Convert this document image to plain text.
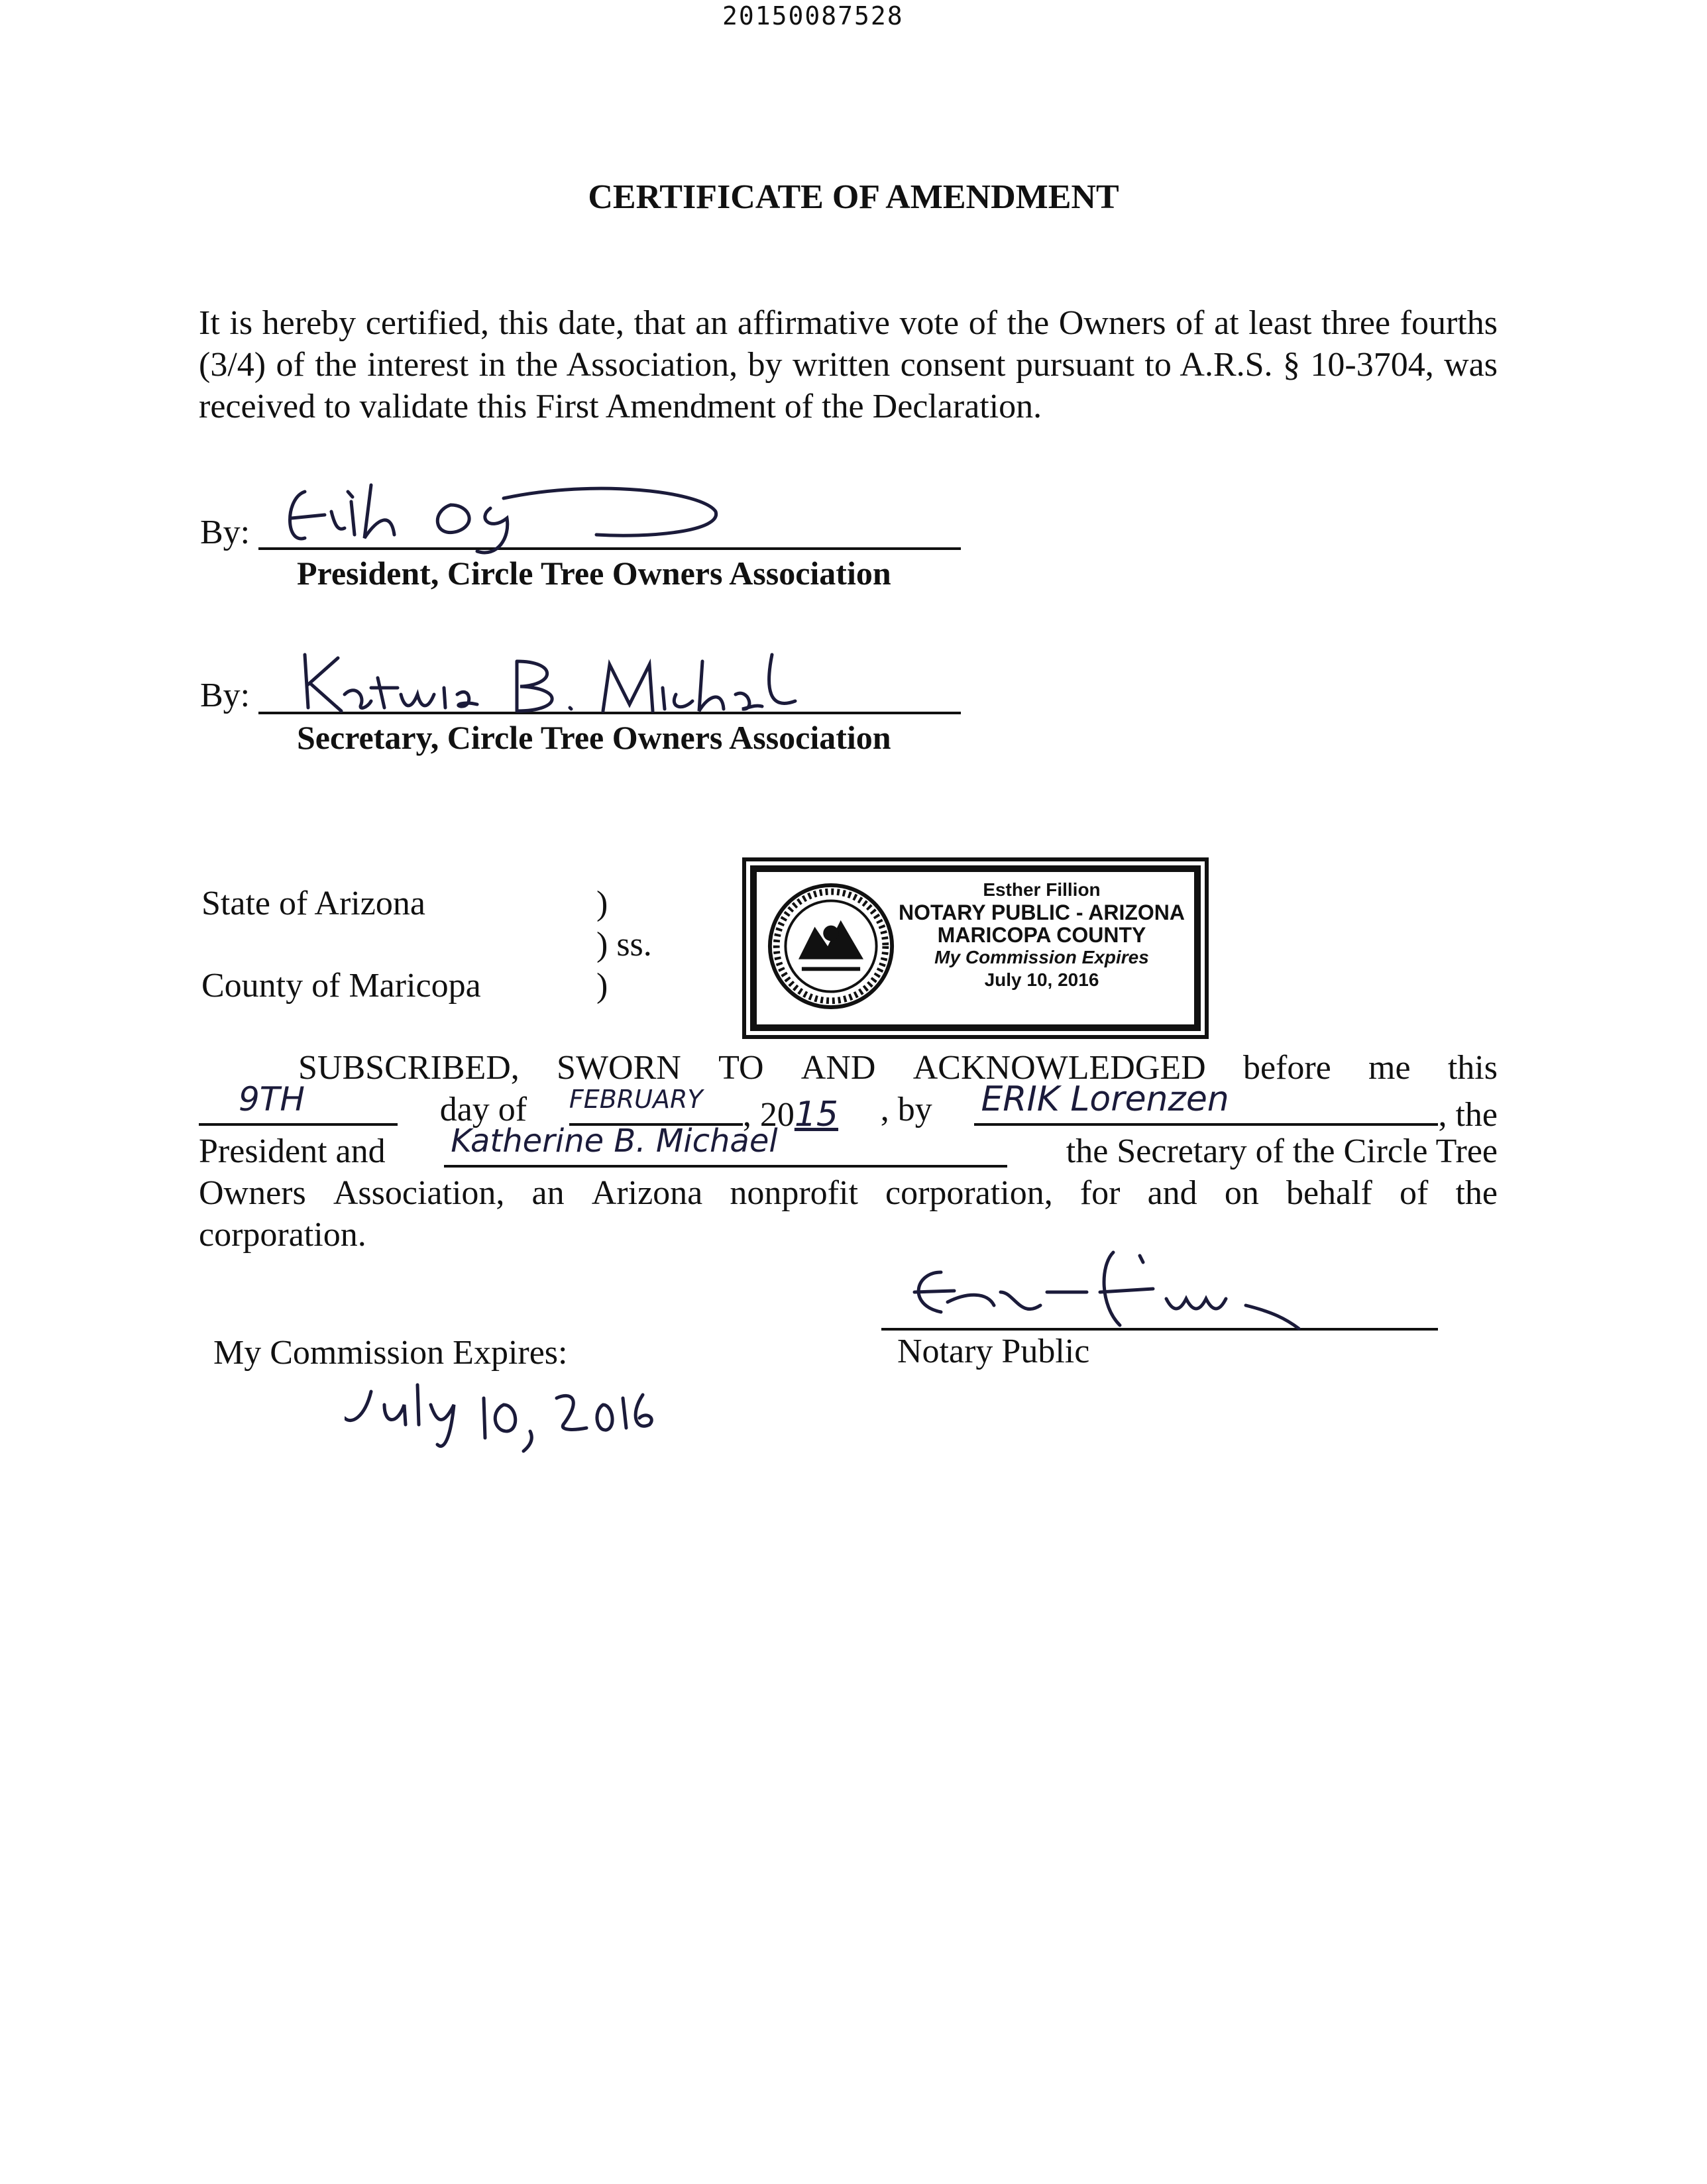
20150087528
CERTIFICATE OF AMENDMENT
It is hereby certified, this date, that an affirmative vote of the Owners of at least three fourths (3/4) of the interest in the Association, by written consent pursuant to A.R.S. § 10-3704, was received to validate this First Amendment of the Declaration.
By:
President, Circle Tree Owners Association
By:
Secretary, Circle Tree Owners Association
State of Arizona	)
) ss.
County of Maricopa	)
Esther Fillion
NOTARY PUBLIC - ARIZONA
MARICOPA COUNTY
My Commission Expires
July 10, 2016
SUBSCRIBED, SWORN TO AND ACKNOWLEDGED before me this
9TH	day of FEBRUARY , 2015 , by ERIK Lorenzen	, the
President and Katherine B. Michael	the Secretary of the Circle Tree
Owners Association, an Arizona nonprofit corporation, for and on behalf of the
corporation.
Notary Public
My Commission Expires:
